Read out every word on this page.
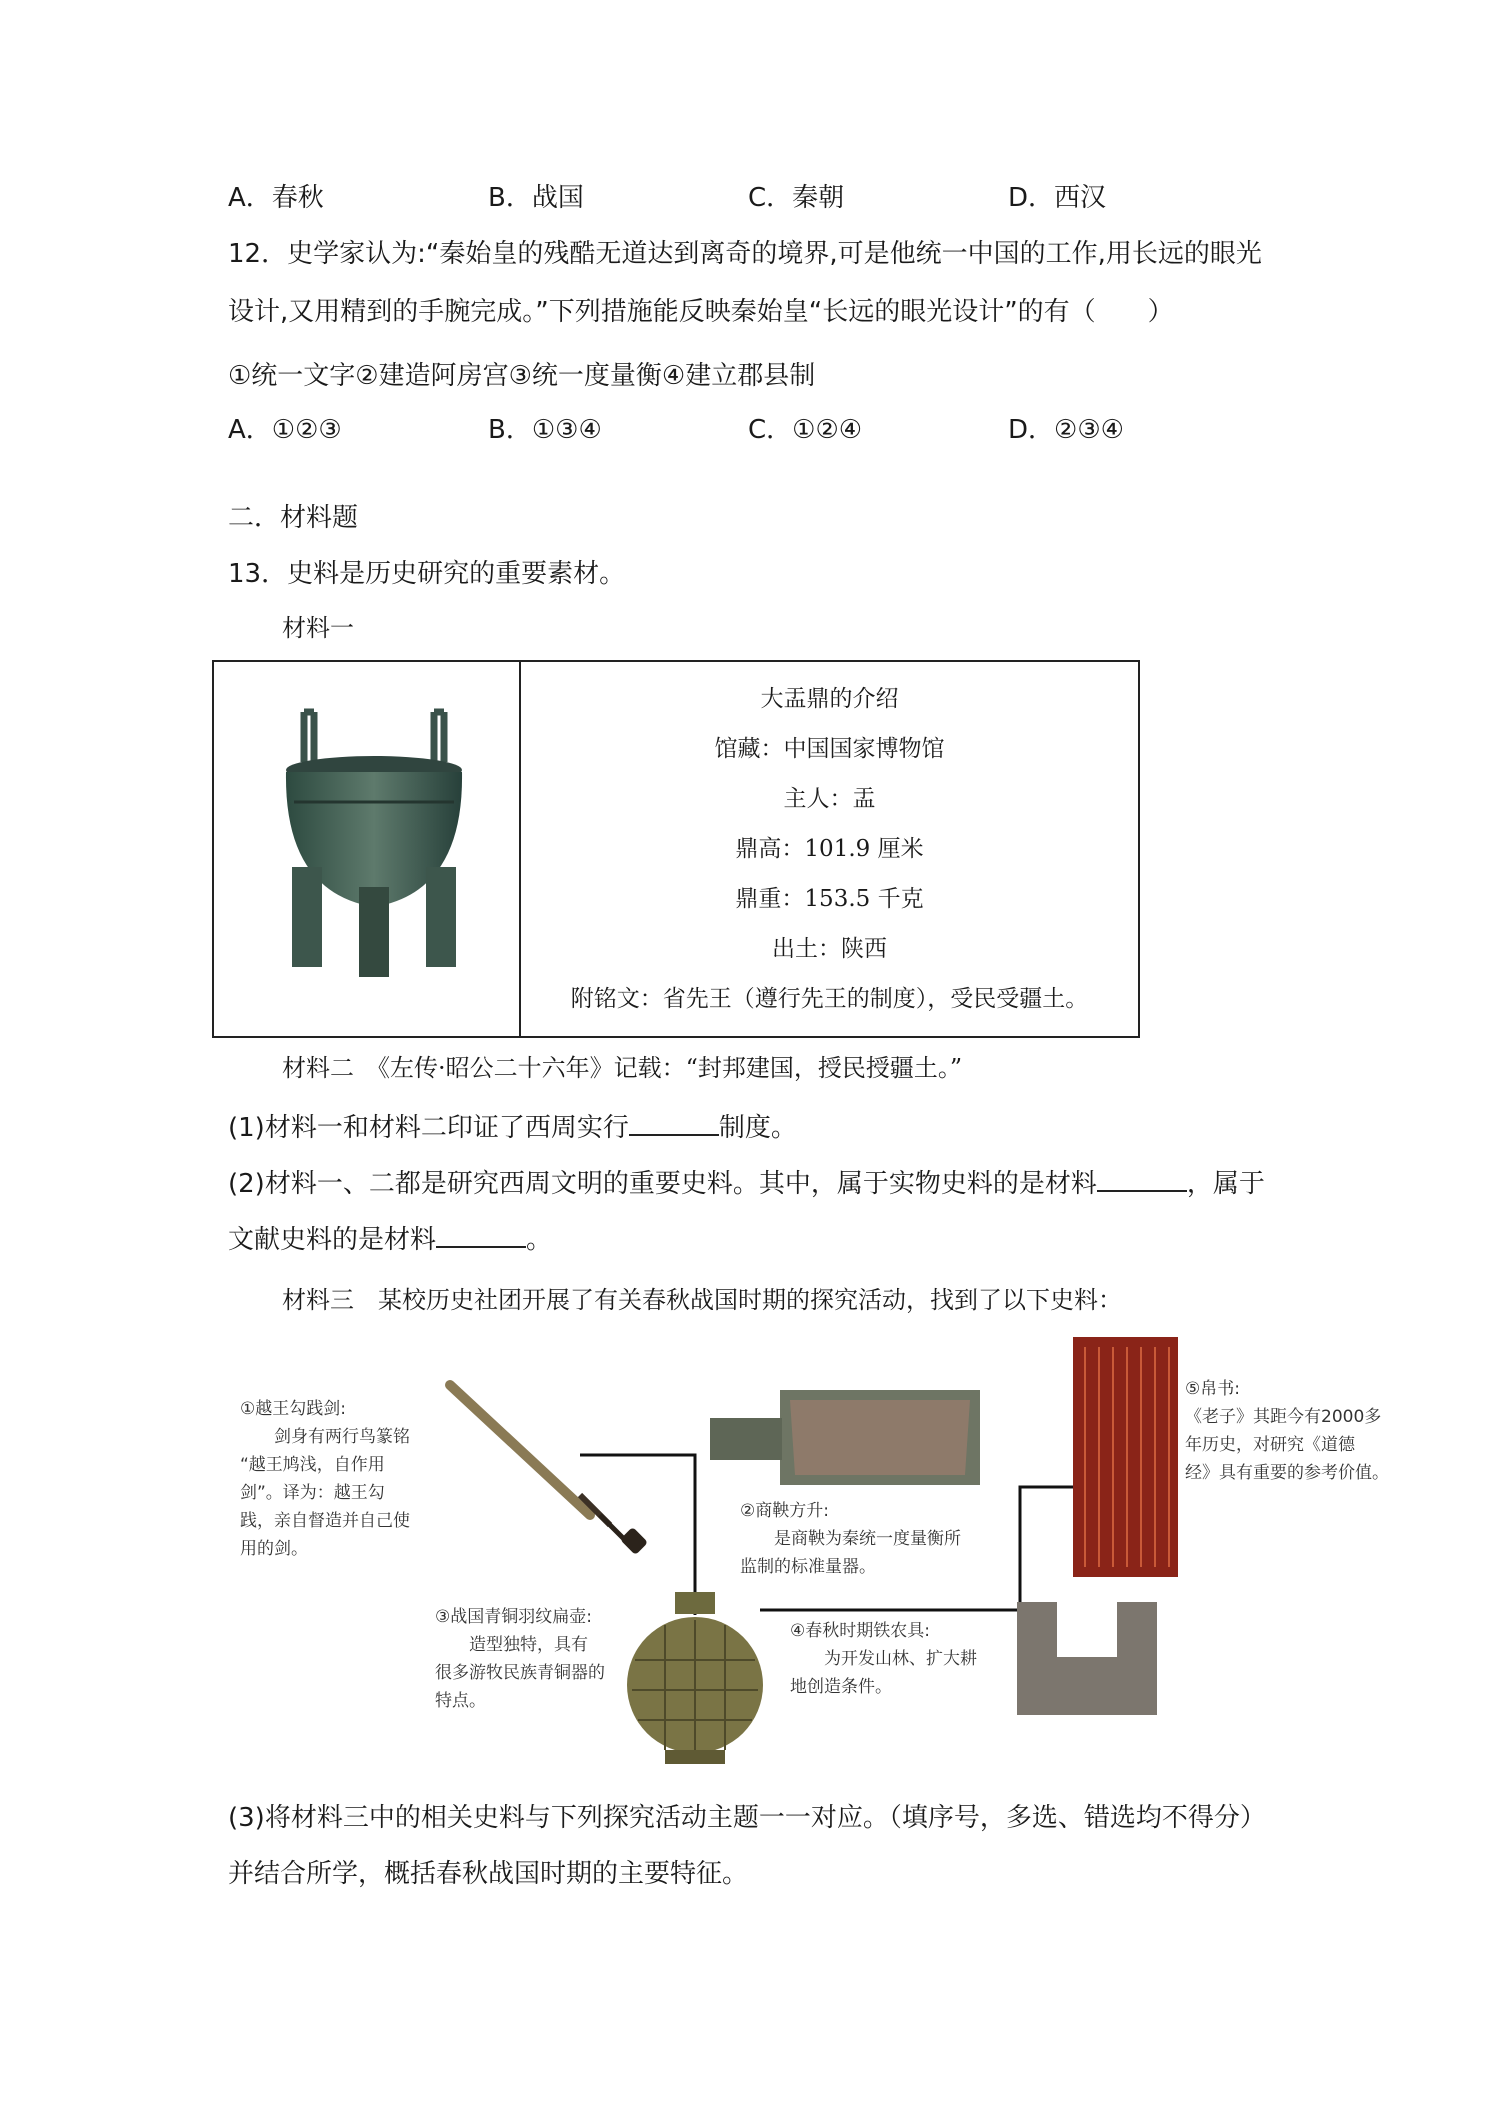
A．春秋	B．战国	C．秦朝	D．西汉
12．史学家认为:“秦始皇的残酷无道达到离奇的境界,可是他统一中国的工作,用长远的眼光
设计,又用精到的手腕完成。”下列措施能反映秦始皇“长远的眼光设计”的有（　　）
①统一文字②建造阿房宫③统一度量衡④建立郡县制
A．①②③	B．①③④	C．①②④	D．②③④
二．材料题
13．史料是历史研究的重要素材。
材料一
大盂鼎的介绍
馆藏：中国国家博物馆
主人：盂
鼎高：101.9 厘米
鼎重：153.5 千克
出土：陕西
附铭文：省先王（遵行先王的制度），受民受疆土。
材料二　《左传·昭公二十六年》记载：“封邦建国，授民授疆土。”
(1)材料一和材料二印证了西周实行	制度。
(2)材料一、二都是研究西周文明的重要史料。其中，属于实物史料的是材料	，属于
文献史料的是材料	。
材料三　某校历史社团开展了有关春秋战国时期的探究活动，找到了以下史料：
①越王勾践剑:
剑身有两行鸟篆铭
“越王鸠浅，自作用
剑”。译为：越王勾
践，亲自督造并自己使
用的剑。
②商鞅方升:
是商鞅为秦统一度量衡所
监制的标准量器。
⑤帛书:
《老子》其距今有2000多
年历史，对研究《道德
经》具有重要的参考价值。
③战国青铜羽纹扁壶:
造型独特，具有
很多游牧民族青铜器的
特点。
④春秋时期铁农具:
为开发山林、扩大耕
地创造条件。
(3)将材料三中的相关史料与下列探究活动主题一一对应。（填序号，多选、错选均不得分）
并结合所学，概括春秋战国时期的主要特征。
